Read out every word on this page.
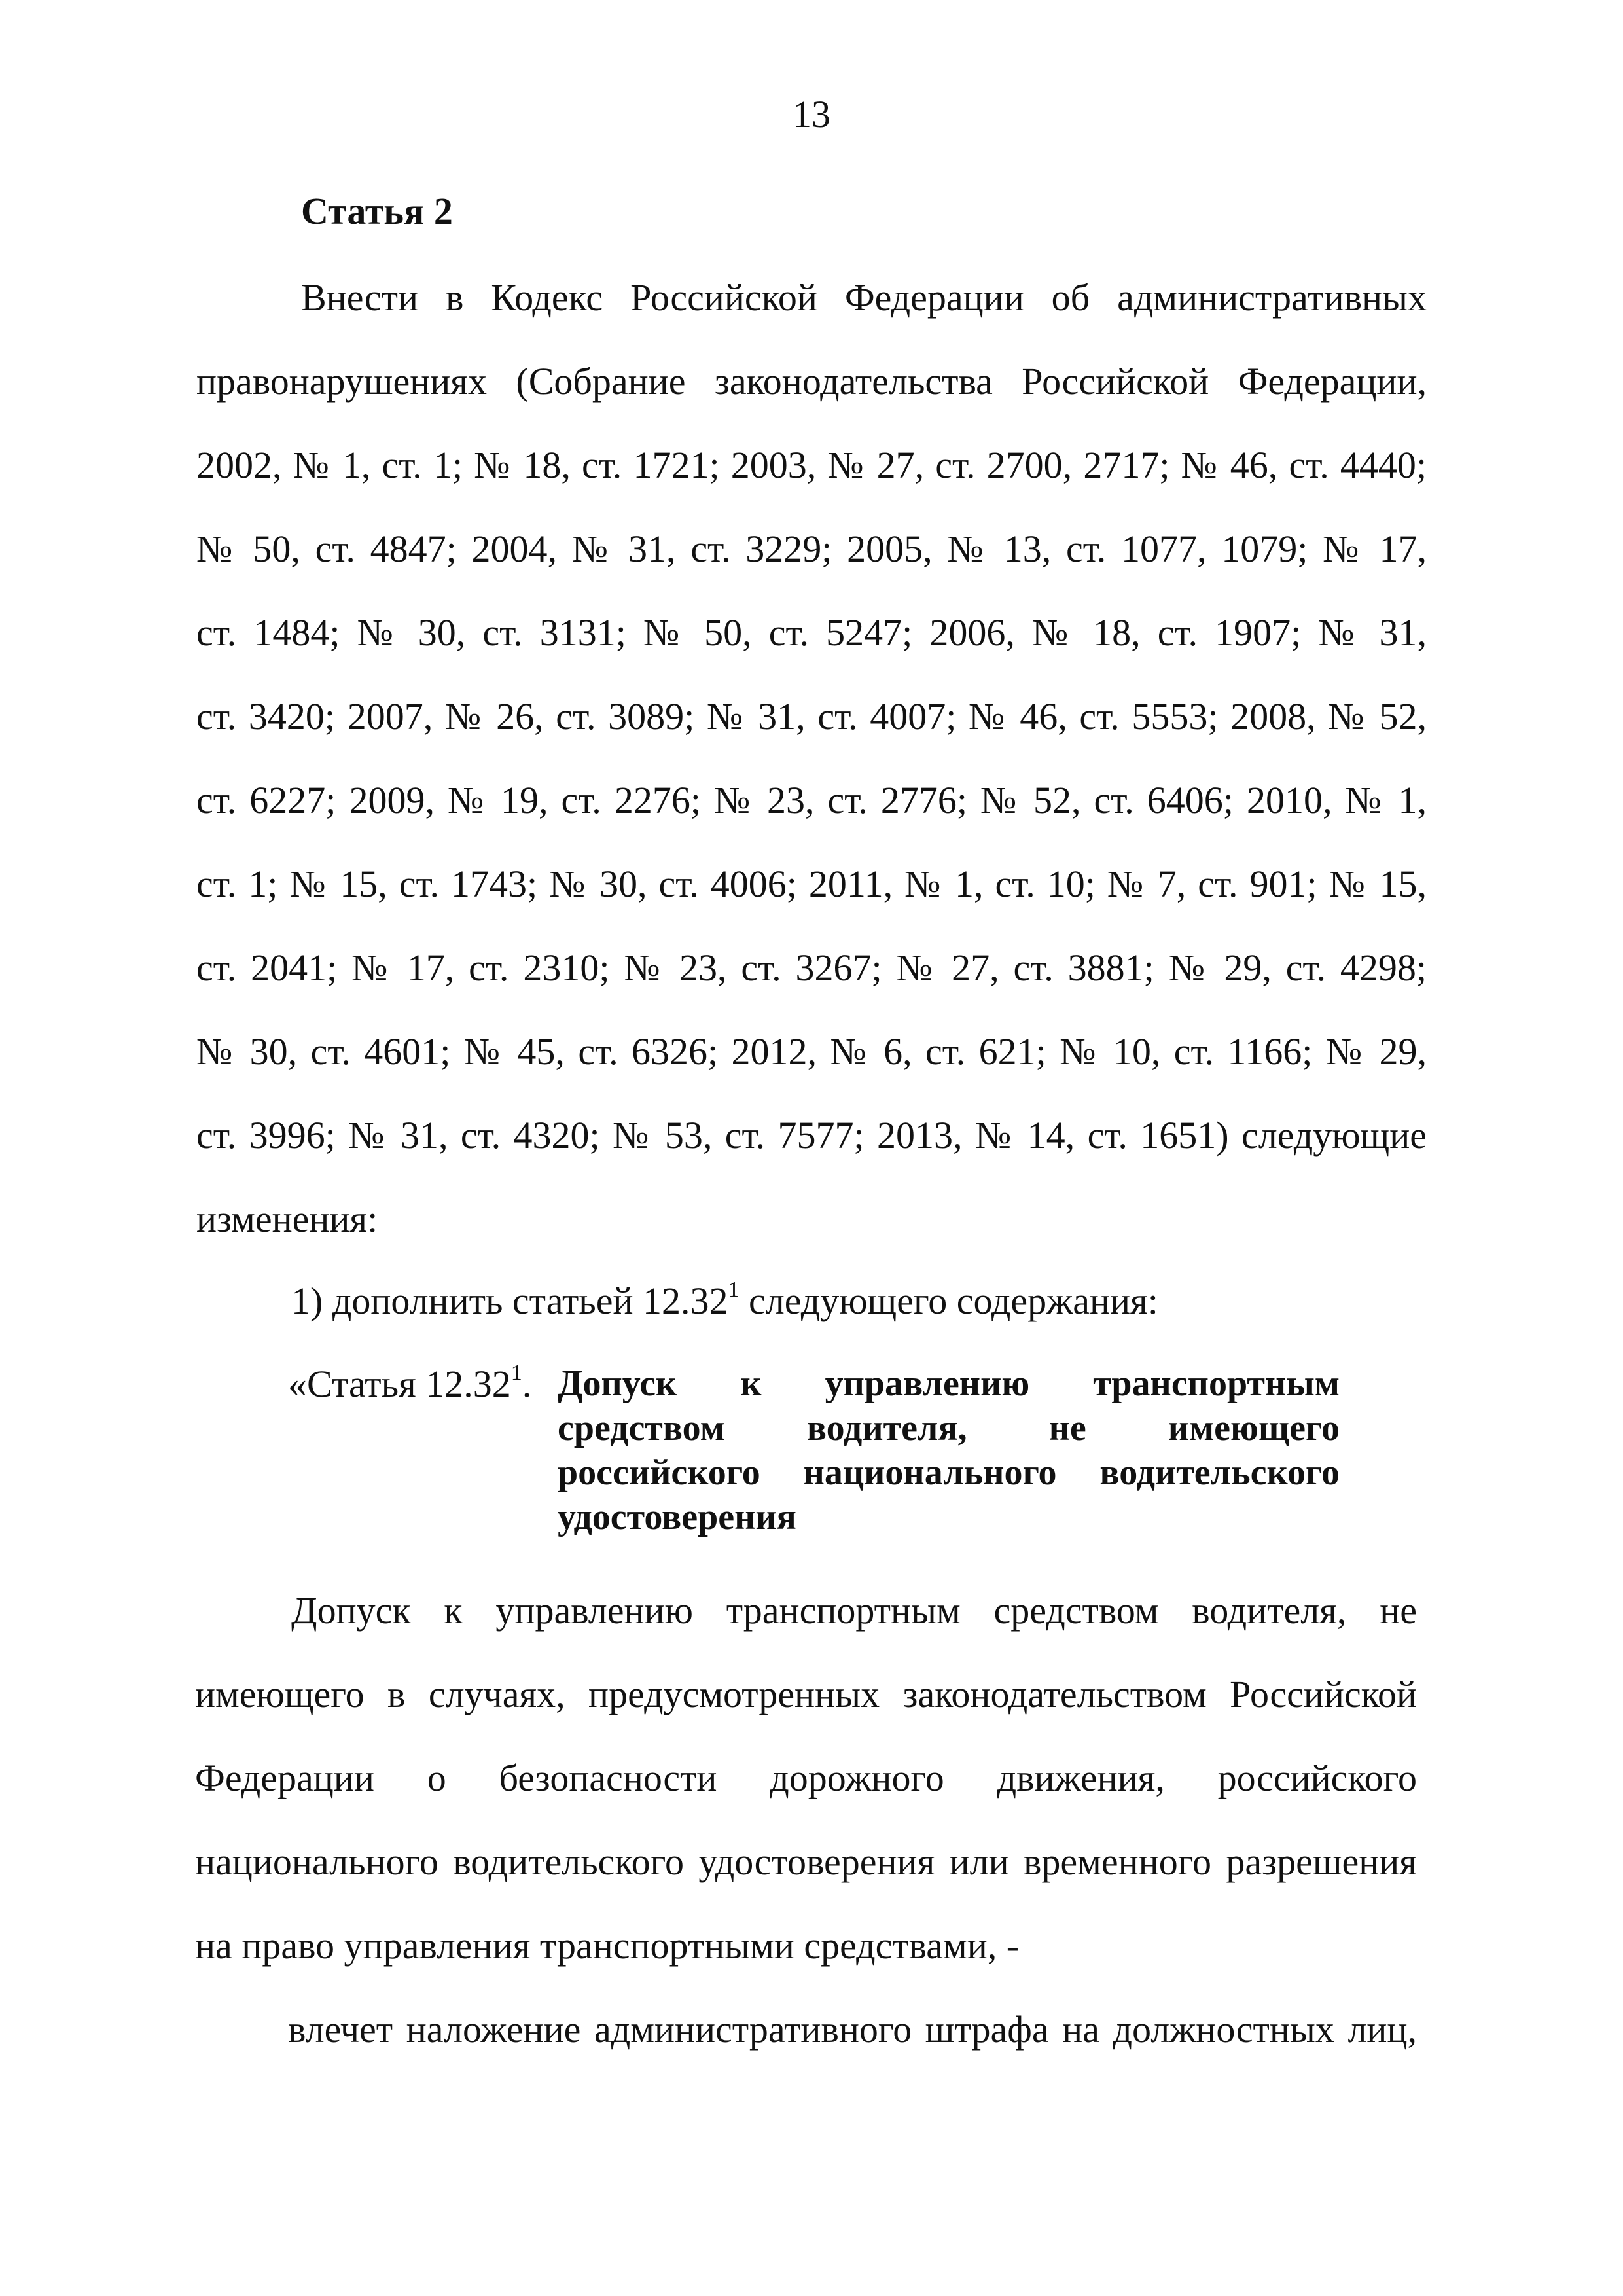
13
Статья 2
Внести в Кодекс Российской Федерации об административных
правонарушениях (Собрание законодательства Российской Федерации,
2002, № 1, ст. 1; № 18, ст. 1721; 2003, № 27, ст. 2700, 2717; № 46, ст. 4440;
№ 50, ст. 4847; 2004, № 31, ст. 3229; 2005, № 13, ст. 1077, 1079; № 17,
ст. 1484; № 30, ст. 3131; № 50, ст. 5247; 2006, № 18, ст. 1907; № 31,
ст. 3420; 2007, № 26, ст. 3089; № 31, ст. 4007; № 46, ст. 5553; 2008, № 52,
ст. 6227; 2009, № 19, ст. 2276; № 23, ст. 2776; № 52, ст. 6406; 2010, № 1,
ст. 1; № 15, ст. 1743; № 30, ст. 4006; 2011, № 1, ст. 10; № 7, ст. 901; № 15,
ст. 2041; № 17, ст. 2310; № 23, ст. 3267; № 27, ст. 3881; № 29, ст. 4298;
№ 30, ст. 4601; № 45, ст. 6326; 2012, № 6, ст. 621; № 10, ст. 1166; № 29,
ст. 3996; № 31, ст. 4320; № 53, ст. 7577; 2013, № 14, ст. 1651) следующие
изменения:
1) дополнить статьей 12.32$^1$ следующего содержания:
«Статья 12.32$^1$. Допуск к управлению транспортным
средством водителя, не имеющего
российского национального водительского
удостоверения
Допуск к управлению транспортным средством водителя, не
имеющего в случаях, предусмотренных законодательством Российской
Федерации о безопасности дорожного движения, российского
национального водительского удостоверения или временного разрешения
на право управления транспортными средствами, -
влечет наложение административного штрафа на должностных лиц,
